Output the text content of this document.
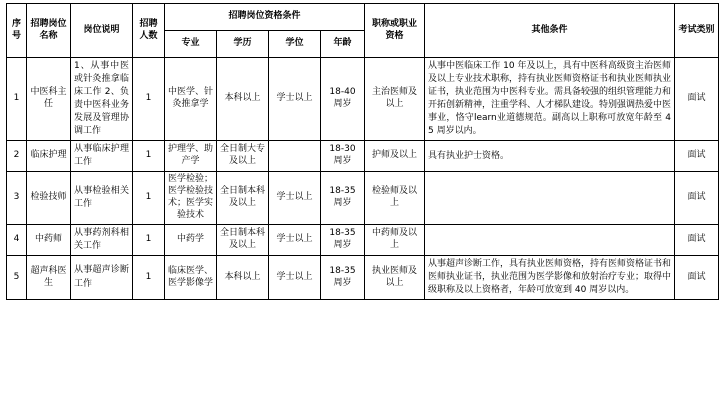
序号	招聘岗位名称	岗位说明	招聘人数	招聘岗位资格条件				职称或职业资格	其他条件	考试类别
				专业	学历	学位	年龄			
1	中医科主任	1、从事中医或针灸推拿临床工作 2、负责中医科业务发展及管理协调工作	1	中医学、针灸推拿学	本科以上	学士以上	18-40 周岁	主治医师及以上	从事中医临床工作 10 年及以上，具有中医科高级资主治医师及以上专业技术职称，持有执业医师资格证书和执业医师执业证书，执业范围为中医科专业。需具备较强的组织管理能力和开拓创新精神，注重学科、人才梯队建设。特别强调热爱中医事业，恪守learn业道德规范。副高以上职称可放宽年龄至 45 周岁以内。	面试
2	临床护理	从事临床护理工作	1	护理学、助产学	全日制大专及以上		18-30 周岁	护师及以上	具有执业护士资格。	面试
3	检验技师	从事检验相关工作	1	医学检验；医学检验技术；医学实验技术	全日制本科及以上	学士以上	18-35 周岁	检验师及以上		面试
4	中药师	从事药剂科相关工作	1	中药学	全日制本科及以上	学士以上	18-35 周岁	中药师及以上		面试
5	超声科医生	从事超声诊断工作	1	临床医学、医学影像学	本科以上	学士以上	18-35 周岁	执业医师及以上	从事超声诊断工作，具有执业医师资格，持有医师资格证书和医师执业证书，执业范围为医学影像和放射治疗专业；取得中级职称及以上资格者，年龄可放宽到 40 周岁以内。	面试
